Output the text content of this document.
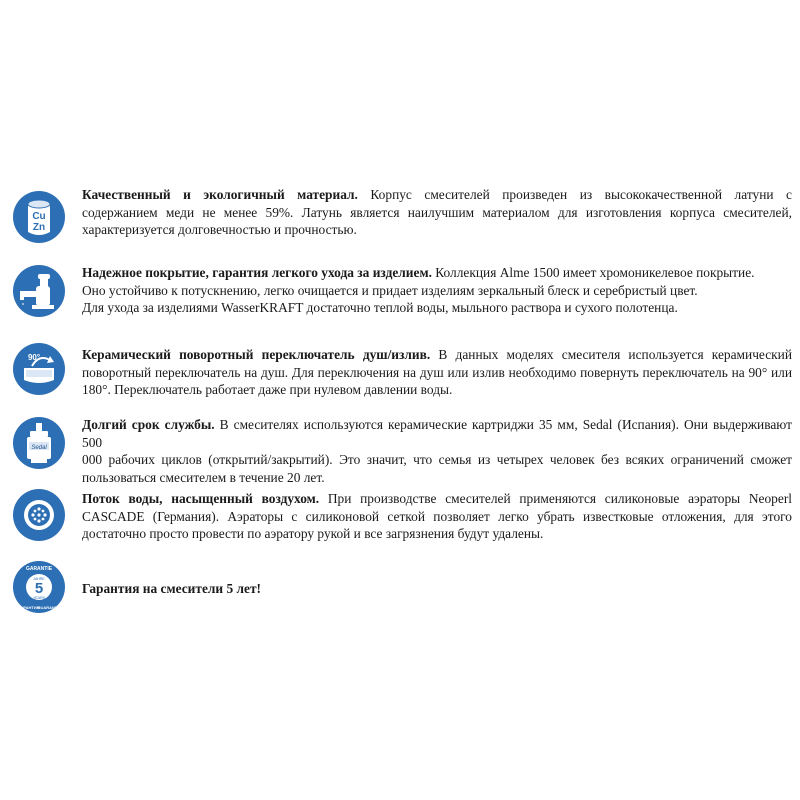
Cu
Zn
Качественный и экологичный материал. Корпус смесителей произведен из высококачественной латуни с
содержанием меди не менее 59%. Латунь является наилучшим материалом для изготовления корпуса смесителей,
характеризуется долговечностью и прочностью.
Надежное покрытие, гарантия легкого ухода за изделием. Коллекция Alme 1500 имеет хромоникелевое покрытие.
Оно устойчиво к потускнению, легко очищается и придает изделиям зеркальный блеск и серебристый цвет.
Для ухода за изделиями WasserKRAFT достаточно теплой воды, мыльного раствора и сухого полотенца.
90°	Керамический поворотный переключатель душ/излив. В данных моделях смесителя используется керамический
поворотный переключатель на душ. Для переключения на душ или излив необходимо повернуть переключатель на 90° или
180°. Переключатель работает даже при нулевом давлении воды.
Sedal
Долгий срок службы. В смесителях используются керамические картриджи 35 мм, Sedal (Испания). Они выдерживают 500
000 рабочих циклов (открытий/закрытий). Это значит, что семья из четырех человек без всяких ограничений сможет
пользоваться смесителем в течение 20 лет.
Поток воды, насыщенный воздухом. При производстве смесителей применяются силиконовые аэраторы Neoperl
CASCADE (Германия). Аэраторы с силиконовой сеткой позволяет легко убрать известковые отложения, для этого
достаточно просто провести по аэратору рукой и все загрязнения будут удалены.
5
GARANTIE
JAHRE
YEARS
ГАРАНТИЯ
GUARANTEE
Гарантия на смесители 5 лет!
